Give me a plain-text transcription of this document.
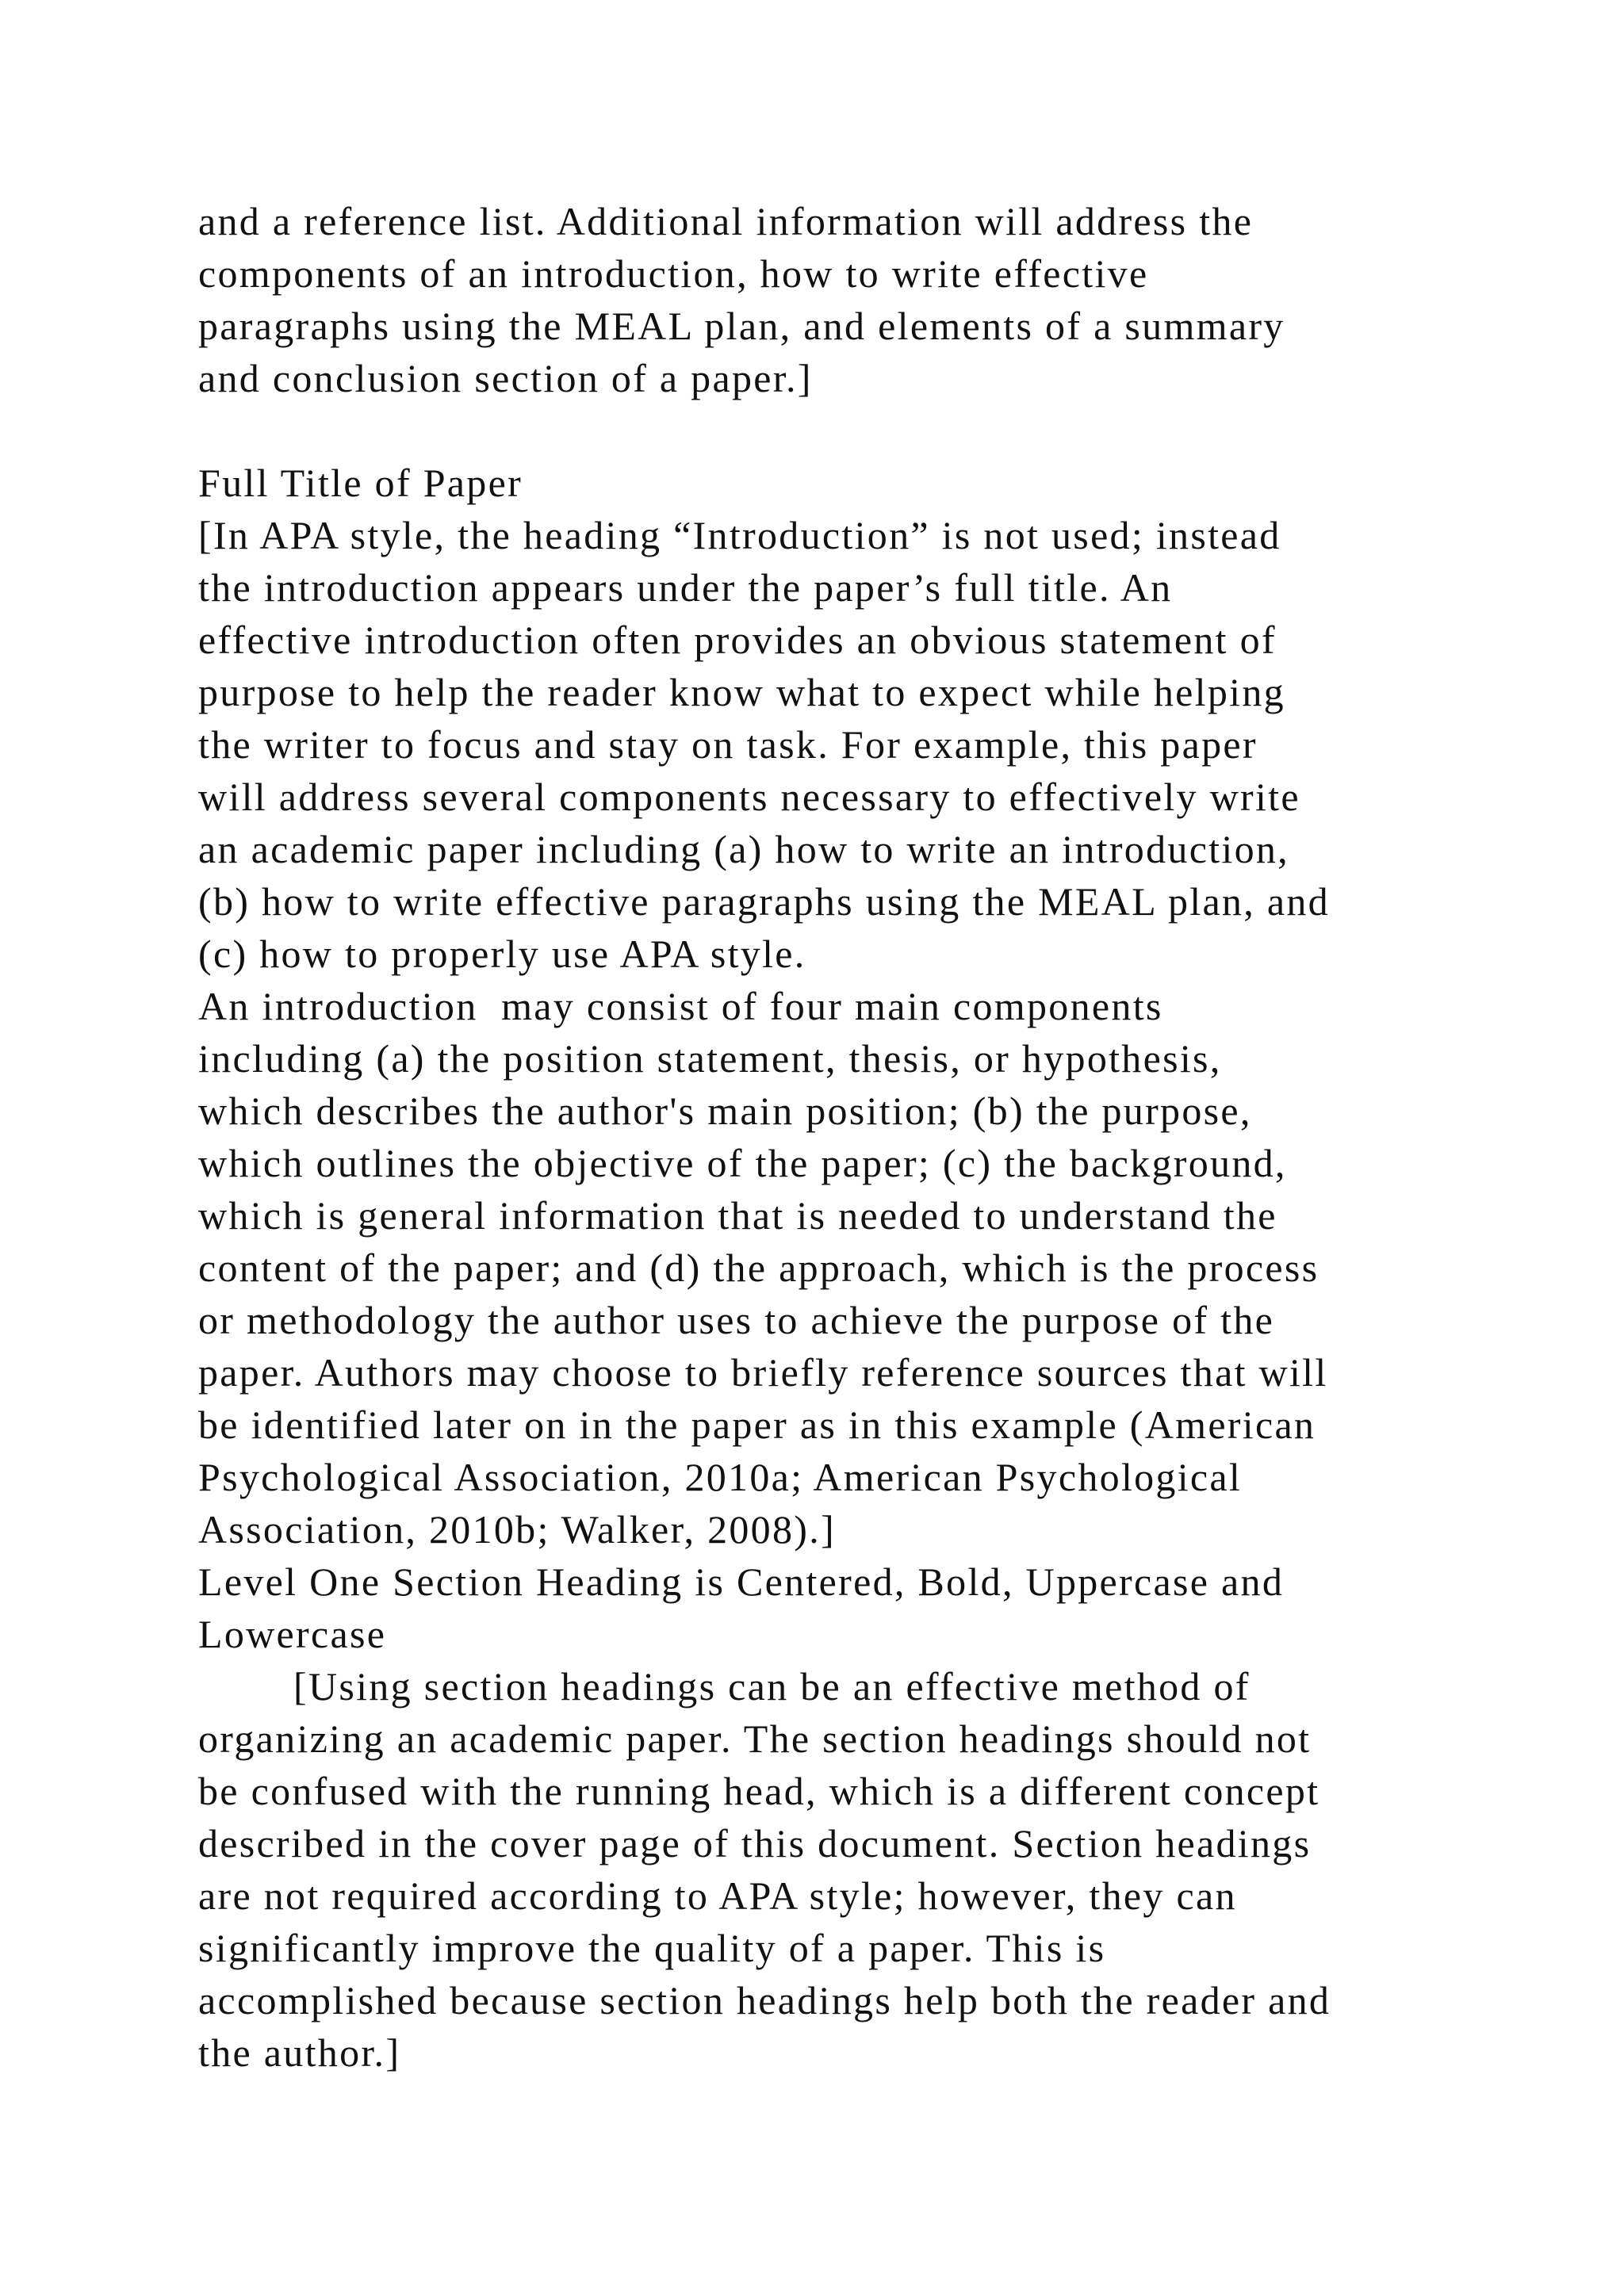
and a reference list. Additional information will address the
components of an introduction, how to write effective
paragraphs using the MEAL plan, and elements of a summary
and conclusion section of a paper.]
Full Title of Paper
[In APA style, the heading “Introduction” is not used; instead
the introduction appears under the paper’s full title. An
effective introduction often provides an obvious statement of
purpose to help the reader know what to expect while helping
the writer to focus and stay on task. For example, this paper
will address several components necessary to effectively write
an academic paper including (a) how to write an introduction,
(b) how to write effective paragraphs using the MEAL plan, and
(c) how to properly use APA style.
An introduction  may consist of four main components
including (a) the position statement, thesis, or hypothesis,
which describes the author's main position; (b) the purpose,
which outlines the objective of the paper; (c) the background,
which is general information that is needed to understand the
content of the paper; and (d) the approach, which is the process
or methodology the author uses to achieve the purpose of the
paper. Authors may choose to briefly reference sources that will
be identified later on in the paper as in this example (American
Psychological Association, 2010a; American Psychological
Association, 2010b; Walker, 2008).]
Level One Section Heading is Centered, Bold, Uppercase and
Lowercase
[Using section headings can be an effective method of
organizing an academic paper. The section headings should not
be confused with the running head, which is a different concept
described in the cover page of this document. Section headings
are not required according to APA style; however, they can
significantly improve the quality of a paper. This is
accomplished because section headings help both the reader and
the author.]
